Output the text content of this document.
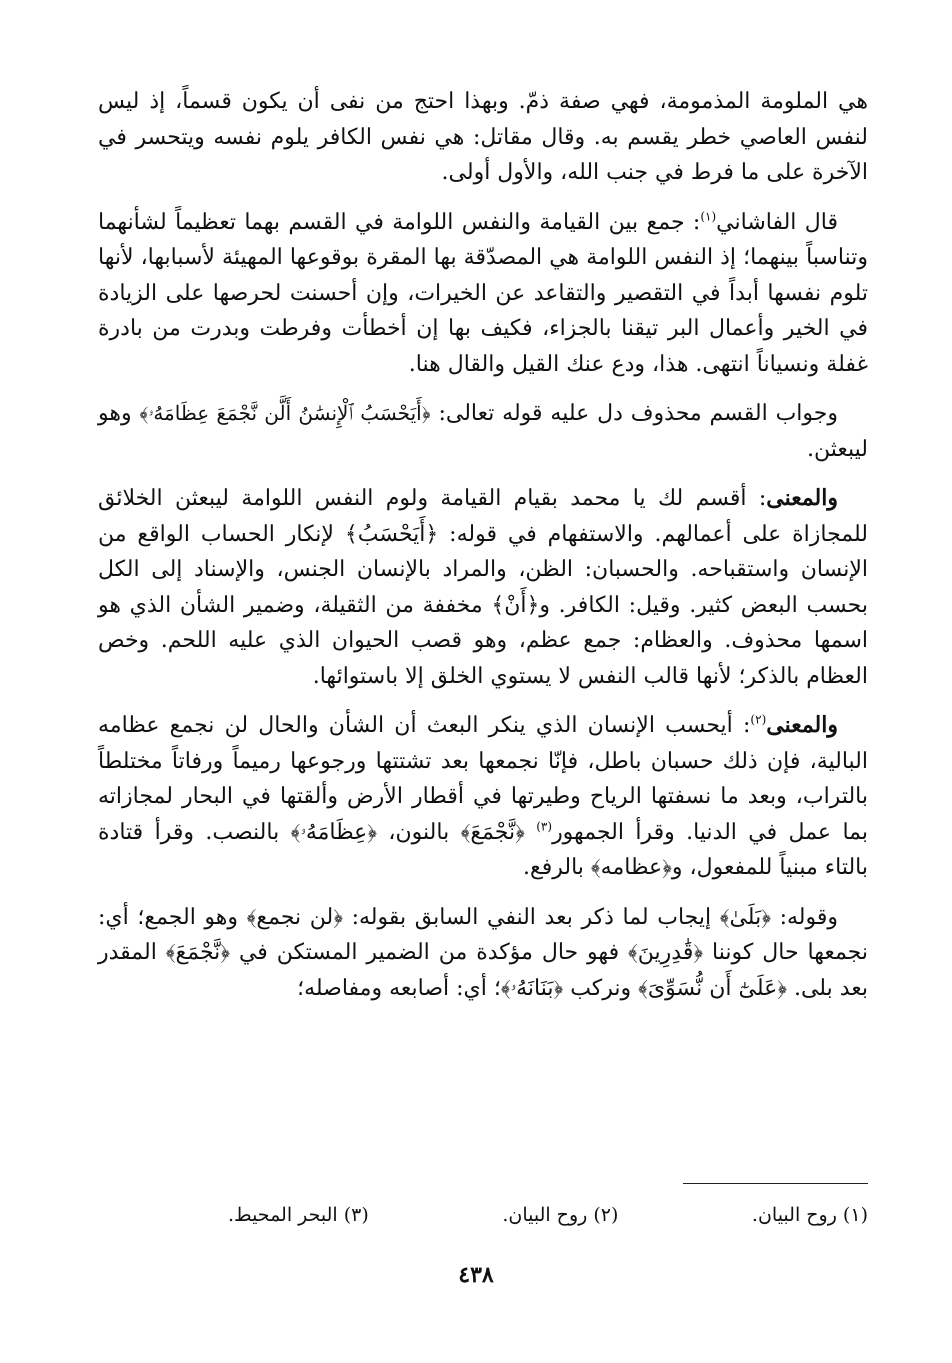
هي الملومة المذمومة، فهي صفة ذمّ. وبهذا احتج من نفى أن يكون قسماً، إذ ليس لنفس العاصي خطر يقسم به. وقال مقاتل: هي نفس الكافر يلوم نفسه ويتحسر في الآخرة على ما فرط في جنب الله، والأول أولى.

قال الفاشاني$^{(١)}$: جمع بين القيامة والنفس اللوامة في القسم بهما تعظيماً لشأنهما وتناسباً بينهما؛ إذ النفس اللوامة هي المصدّقة بها المقرة بوقوعها المهيئة لأسبابها، لأنها تلوم نفسها أبداً في التقصير والتقاعد عن الخيرات، وإن أحسنت لحرصها على الزيادة في الخير وأعمال البر تيقنا بالجزاء، فكيف بها إن أخطأت وفرطت وبدرت من بادرة غفلة ونسياناً انتهى. هذا، ودع عنك القيل والقال هنا.

وجواب القسم محذوف دل عليه قوله تعالى: ﴿أَيَحْسَبُ ٱلْإِنسَٰنُ أَلَّن نَّجْمَعَ عِظَامَهُۥ﴾ وهو ليبعثن.

والمعنى: أقسم لك يا محمد بقيام القيامة ولوم النفس اللوامة ليبعثن الخلائق للمجازاة على أعمالهم. والاستفهام في قوله: ﴿أَيَحْسَبُ﴾ لإنكار الحساب الواقع من الإنسان واستقباحه. والحسبان: الظن، والمراد بالإنسان الجنس، والإسناد إلى الكل بحسب البعض كثير. وقيل: الكافر. و﴿أَنْ﴾ مخففة من الثقيلة، وضمير الشأن الذي هو اسمها محذوف. والعظام: جمع عظم، وهو قصب الحيوان الذي عليه اللحم. وخص العظام بالذكر؛ لأنها قالب النفس لا يستوي الخلق إلا باستوائها.

والمعنى$^{(٢)}$: أيحسب الإنسان الذي ينكر البعث أن الشأن والحال لن نجمع عظامه البالية، فإن ذلك حسبان باطل، فإنّا نجمعها بعد تشتتها ورجوعها رميماً ورفاتاً مختلطاً بالتراب، وبعد ما نسفتها الرياح وطيرتها في أقطار الأرض وألقتها في البحار لمجازاته بما عمل في الدنيا. وقرأ الجمهور$^{(٣)}$ ﴿نَّجْمَعَ﴾ بالنون، ﴿عِظَامَهُۥ﴾ بالنصب. وقرأ قتادة بالتاء مبنياً للمفعول، و﴿عظامه﴾ بالرفع.

وقوله: ﴿بَلَىٰ﴾ إيجاب لما ذكر بعد النفي السابق بقوله: ﴿لن نجمع﴾ وهو الجمع؛ أي: نجمعها حال كوننا ﴿قَٰدِرِينَ﴾ فهو حال مؤكدة من الضمير المستكن في ﴿نَّجْمَعَ﴾ المقدر بعد بلى. ﴿عَلَىٰٓ أَن نُّسَوِّىَ﴾ ونركب ﴿بَنَانَهُۥ﴾؛ أي: أصابعه ومفاصله؛

(١) روح البيان.
(٢) روح البيان.
(٣) البحر المحيط.
٤٣٨
